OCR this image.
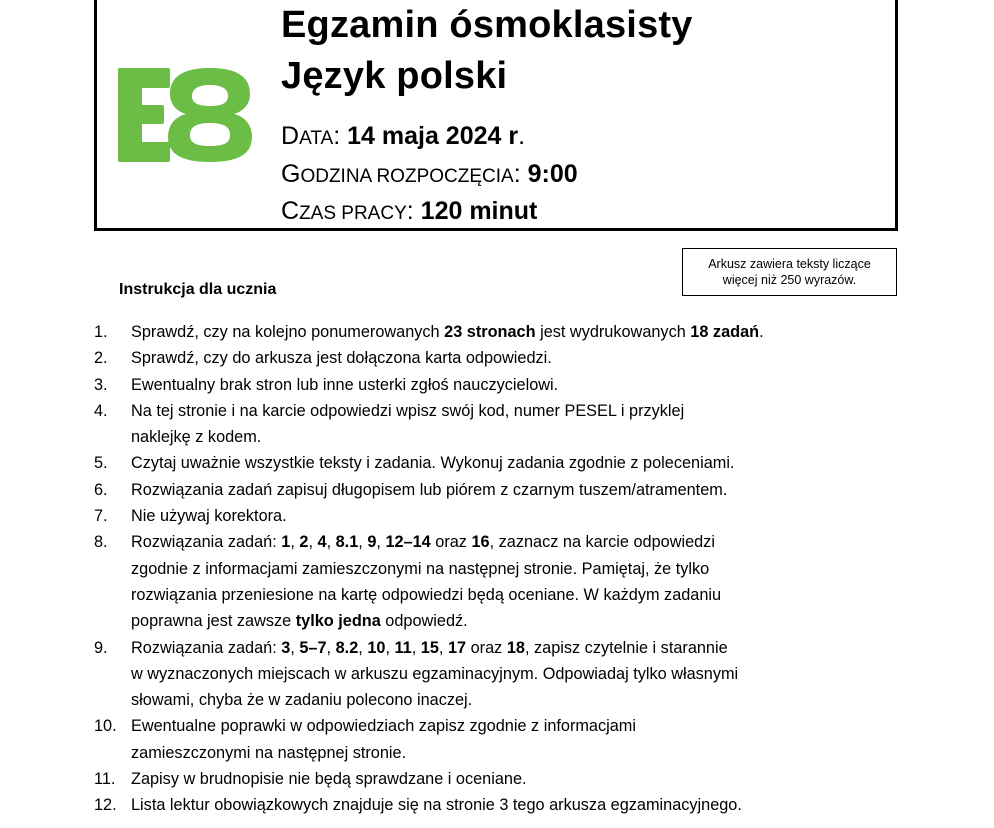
E8
Egzamin ósmoklasisty
Język polski
DATA: 14 maja 2024 r.
GODZINA ROZPOCZĘCIA: 9:00
CZAS PRACY: 120 minut
Arkusz zawiera teksty liczące
więcej niż 250 wyrazów.
Instrukcja dla ucznia
1. Sprawdź, czy na kolejno ponumerowanych 23 stronach jest wydrukowanych 18 zadań.
2. Sprawdź, czy do arkusza jest dołączona karta odpowiedzi.
3. Ewentualny brak stron lub inne usterki zgłoś nauczycielowi.
4. Na tej stronie i na karcie odpowiedzi wpisz swój kod, numer PESEL i przyklej
naklejkę z kodem.
5. Czytaj uważnie wszystkie teksty i zadania. Wykonuj zadania zgodnie z poleceniami.
6. Rozwiązania zadań zapisuj długopisem lub piórem z czarnym tuszem/atramentem.
7. Nie używaj korektora.
8. Rozwiązania zadań: 1, 2, 4, 8.1, 9, 12–14 oraz 16, zaznacz na karcie odpowiedzi
zgodnie z informacjami zamieszczonymi na następnej stronie. Pamiętaj, że tylko
rozwiązania przeniesione na kartę odpowiedzi będą oceniane. W każdym zadaniu
poprawna jest zawsze tylko jedna odpowiedź.
9. Rozwiązania zadań: 3, 5–7, 8.2, 10, 11, 15, 17 oraz 18, zapisz czytelnie i starannie
w wyznaczonych miejscach w arkuszu egzaminacyjnym. Odpowiadaj tylko własnymi
słowami, chyba że w zadaniu polecono inaczej.
10. Ewentualne poprawki w odpowiedziach zapisz zgodnie z informacjami
zamieszczonymi na następnej stronie.
11. Zapisy w brudnopisie nie będą sprawdzane i oceniane.
12. Lista lektur obowiązkowych znajduje się na stronie 3 tego arkusza egzaminacyjnego.
